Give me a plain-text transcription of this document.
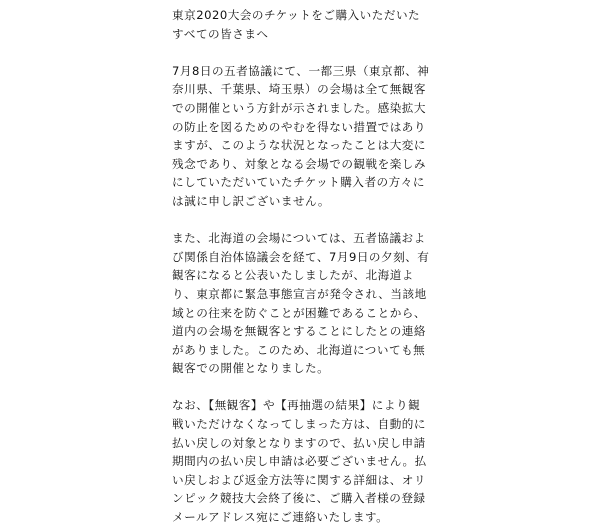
東京2020大会のチケットをご購入いただいたすべての皆さまへ

7月8日の五者協議にて、一都三県（東京都、神奈川県、千葉県、埼玉県）の会場は全て無観客での開催という方針が示されました。感染拡大の防止を図るためのやむを得ない措置ではありますが、このような状況となったことは大変に残念であり、対象となる会場での観戦を楽しみにしていただいていたチケット購入者の方々には誠に申し訳ございません。

また、北海道の会場については、五者協議および関係自治体協議会を経て、7月9日の夕刻、有観客になると公表いたしましたが、北海道より、東京都に緊急事態宣言が発令され、当該地域との往来を防ぐことが困難であることから、道内の会場を無観客とすることにしたとの連絡がありました。このため、北海道についても無観客での開催となりました。

なお、【無観客】や【再抽選の結果】により観戦いただけなくなってしまった方は、自動的に払い戻しの対象となりますので、払い戻し申請期間内の払い戻し申請は必要ございません。払い戻しおよび返金方法等に関する詳細は、オリンピック競技大会終了後に、ご購入者様の登録メールアドレス宛にご連絡いたします。
